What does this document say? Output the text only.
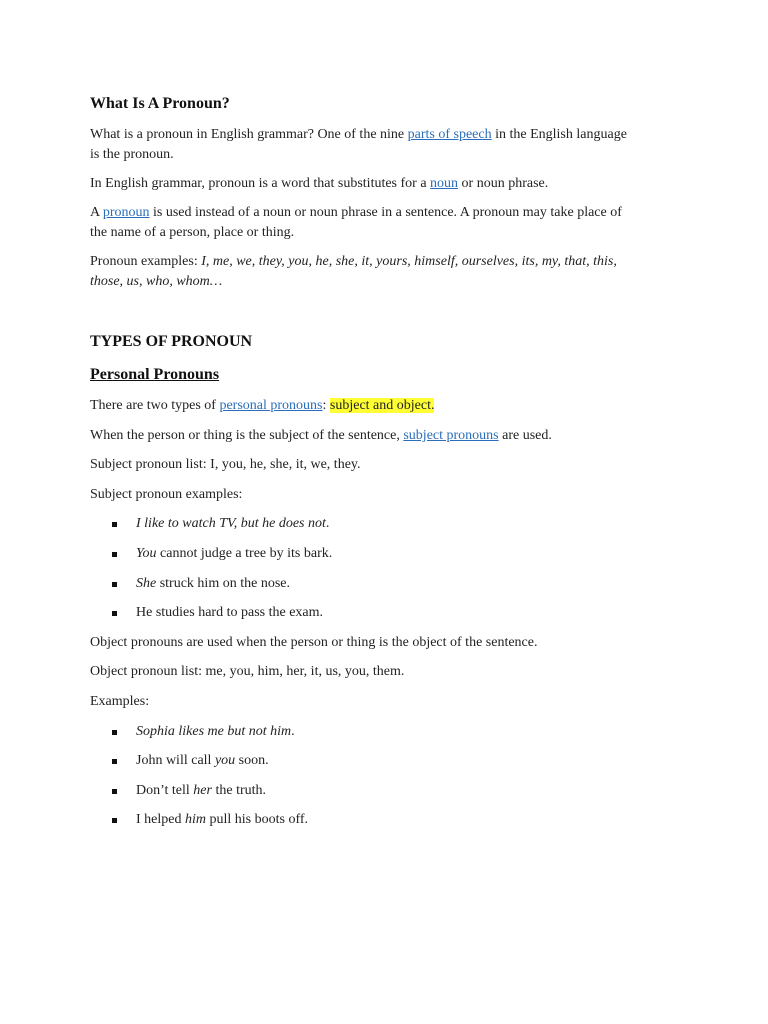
What Is A Pronoun?
What is a pronoun in English grammar? One of the nine parts of speech in the English language
is the pronoun.
In English grammar, pronoun is a word that substitutes for a noun or noun phrase.
A pronoun is used instead of a noun or noun phrase in a sentence. A pronoun may take place of
the name of a person, place or thing.
Pronoun examples: I, me, we, they, you, he, she, it, yours, himself, ourselves, its, my, that, this,
those, us, who, whom…
TYPES OF PRONOUN
Personal Pronouns
There are two types of personal pronouns: subject and object.
When the person or thing is the subject of the sentence, subject pronouns are used.
Subject pronoun list: I, you, he, she, it, we, they.
Subject pronoun examples:
I like to watch TV, but he does not.
You cannot judge a tree by its bark.
She struck him on the nose.
He studies hard to pass the exam.
Object pronouns are used when the person or thing is the object of the sentence.
Object pronoun list: me, you, him, her, it, us, you, them.
Examples:
Sophia likes me but not him.
John will call you soon.
Don’t tell her the truth.
I helped him pull his boots off.
